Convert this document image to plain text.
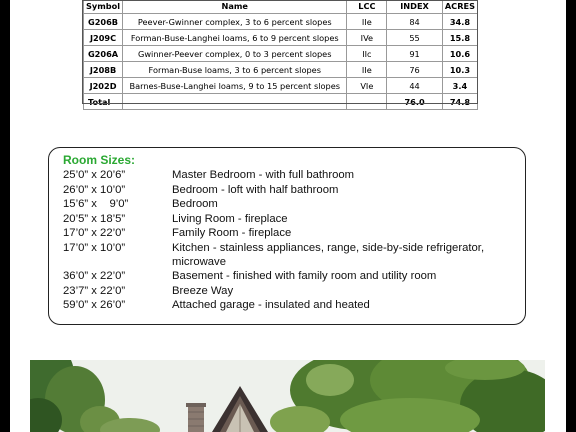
Symbol	Name	LCC	INDEX	ACRES
G206B	Peever-Gwinner complex, 3 to 6 percent slopes	IIe	84	34.8
J209C	Forman-Buse-Langhei loams, 6 to 9 percent slopes	IVe	55	15.8
G206A	Gwinner-Peever complex, 0 to 3 percent slopes	IIc	91	10.6
J208B	Forman-Buse loams, 3 to 6 percent slopes	IIe	76	10.3
J202D	Barnes-Buse-Langhei loams, 9 to 15 percent slopes	VIe	44	3.4
Total			76.0	74.8
Room Sizes:
25’0” x 20’6”	Master Bedroom - with full bathroom
26’0” x 10’0”	Bedroom - loft with half bathroom
15’6” x    9’0”	Bedroom
20’5” x 18’5”	Living Room - fireplace
17’0” x 22’0”	Family Room - fireplace
17’0” x 10’0”	Kitchen - stainless appliances, range, side-by-side refrigerator, microwave
36’0” x 22’0”	Basement - finished with family room and utility room
23’7” x 22’0”	Breeze Way
59’0” x 26’0”	Attached garage - insulated and heated
